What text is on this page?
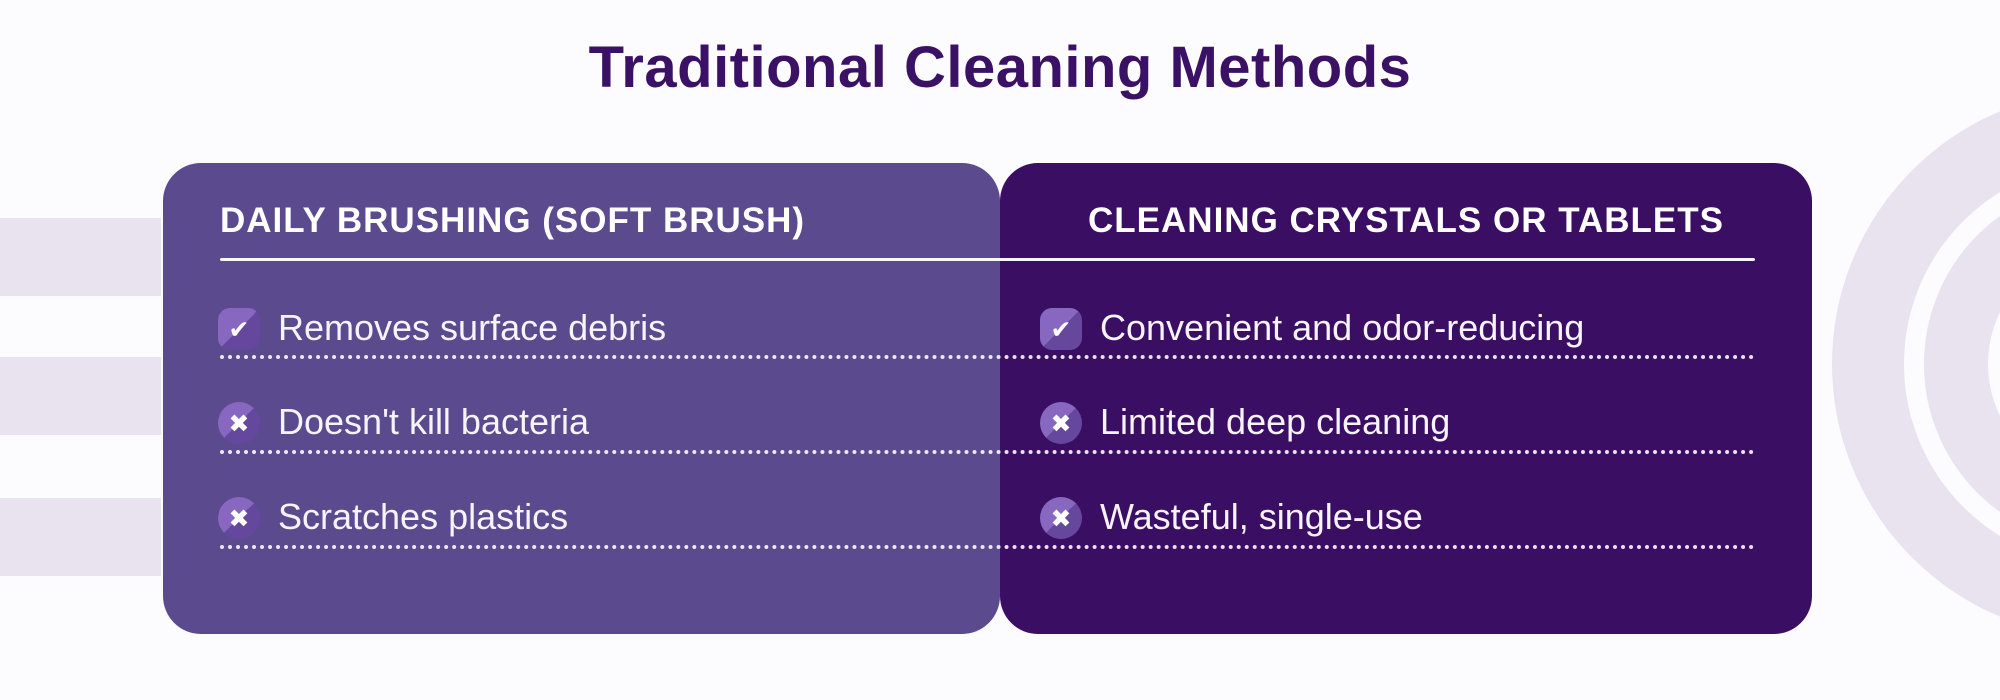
Traditional Cleaning Methods
DAILY BRUSHING (SOFT BRUSH)
✔ Removes surface debris
✖ Doesn't kill bacteria
✖ Scratches plastics
CLEANING CRYSTALS OR TABLETS
✔ Convenient and odor-reducing
✖ Limited deep cleaning
✖ Wasteful, single-use
